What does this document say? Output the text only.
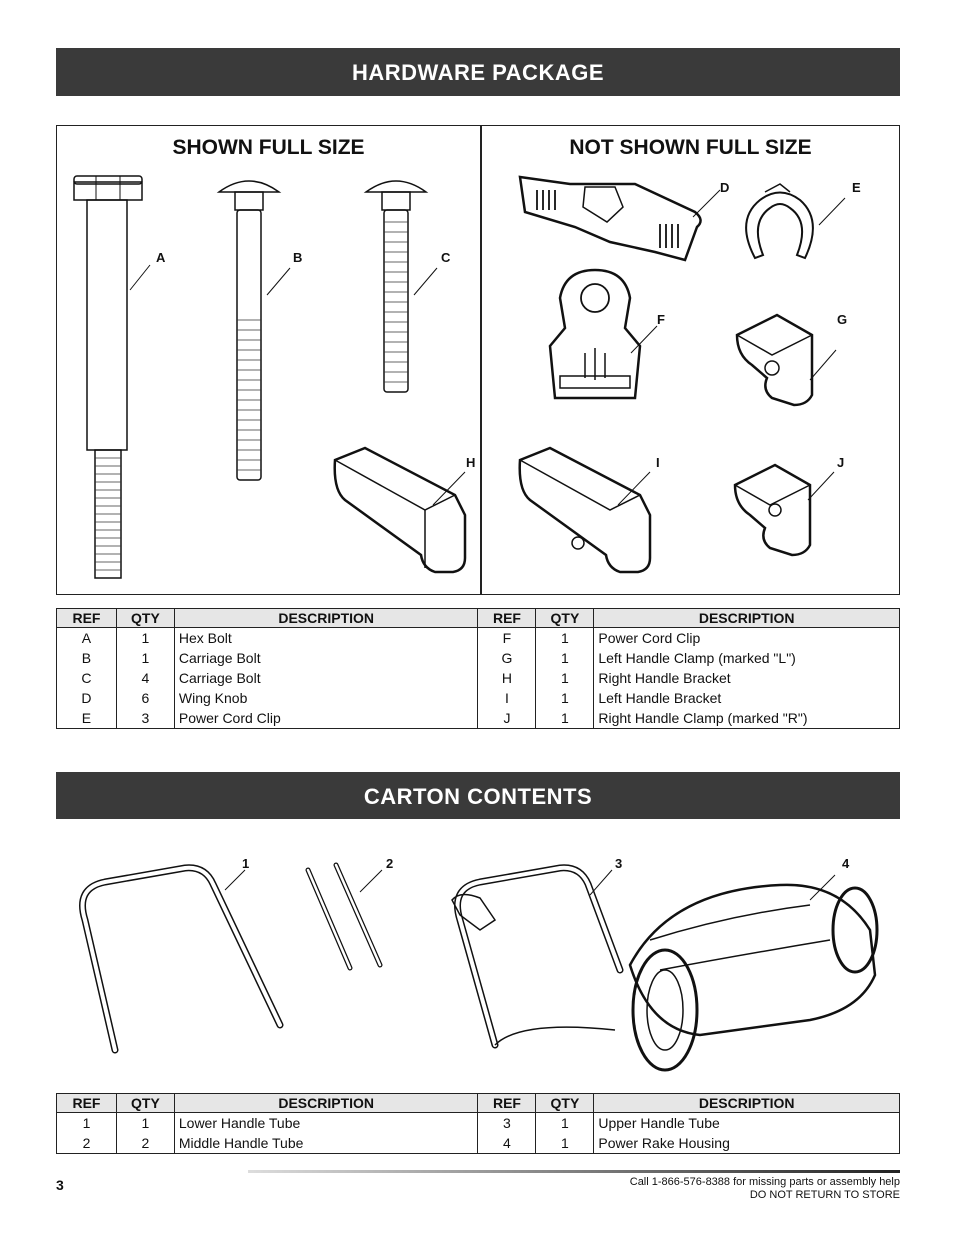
HARDWARE PACKAGE
SHOWN FULL SIZE	NOT SHOWN FULL SIZE
A	B	C
H
D	E
F	G
I	J
REF	QTY	DESCRIPTION	REF	QTY	DESCRIPTION
A	1	Hex Bolt	F	1	Power Cord Clip
B	1	Carriage Bolt	G	1	Left Handle Clamp (marked "L")
C	4	Carriage Bolt	H	1	Right Handle Bracket
D	6	Wing Knob	I	1	Left Handle Bracket
E	3	Power Cord Clip	J	1	Right Handle Clamp (marked "R")
CARTON CONTENTS
1	2	3	4
REF	QTY	DESCRIPTION	REF	QTY	DESCRIPTION
1	1	Lower Handle Tube	3	1	Upper Handle Tube
2	2	Middle Handle Tube	4	1	Power Rake Housing
3	Call 1-866-576-8388 for missing parts or assembly help
DO NOT RETURN TO STORE
